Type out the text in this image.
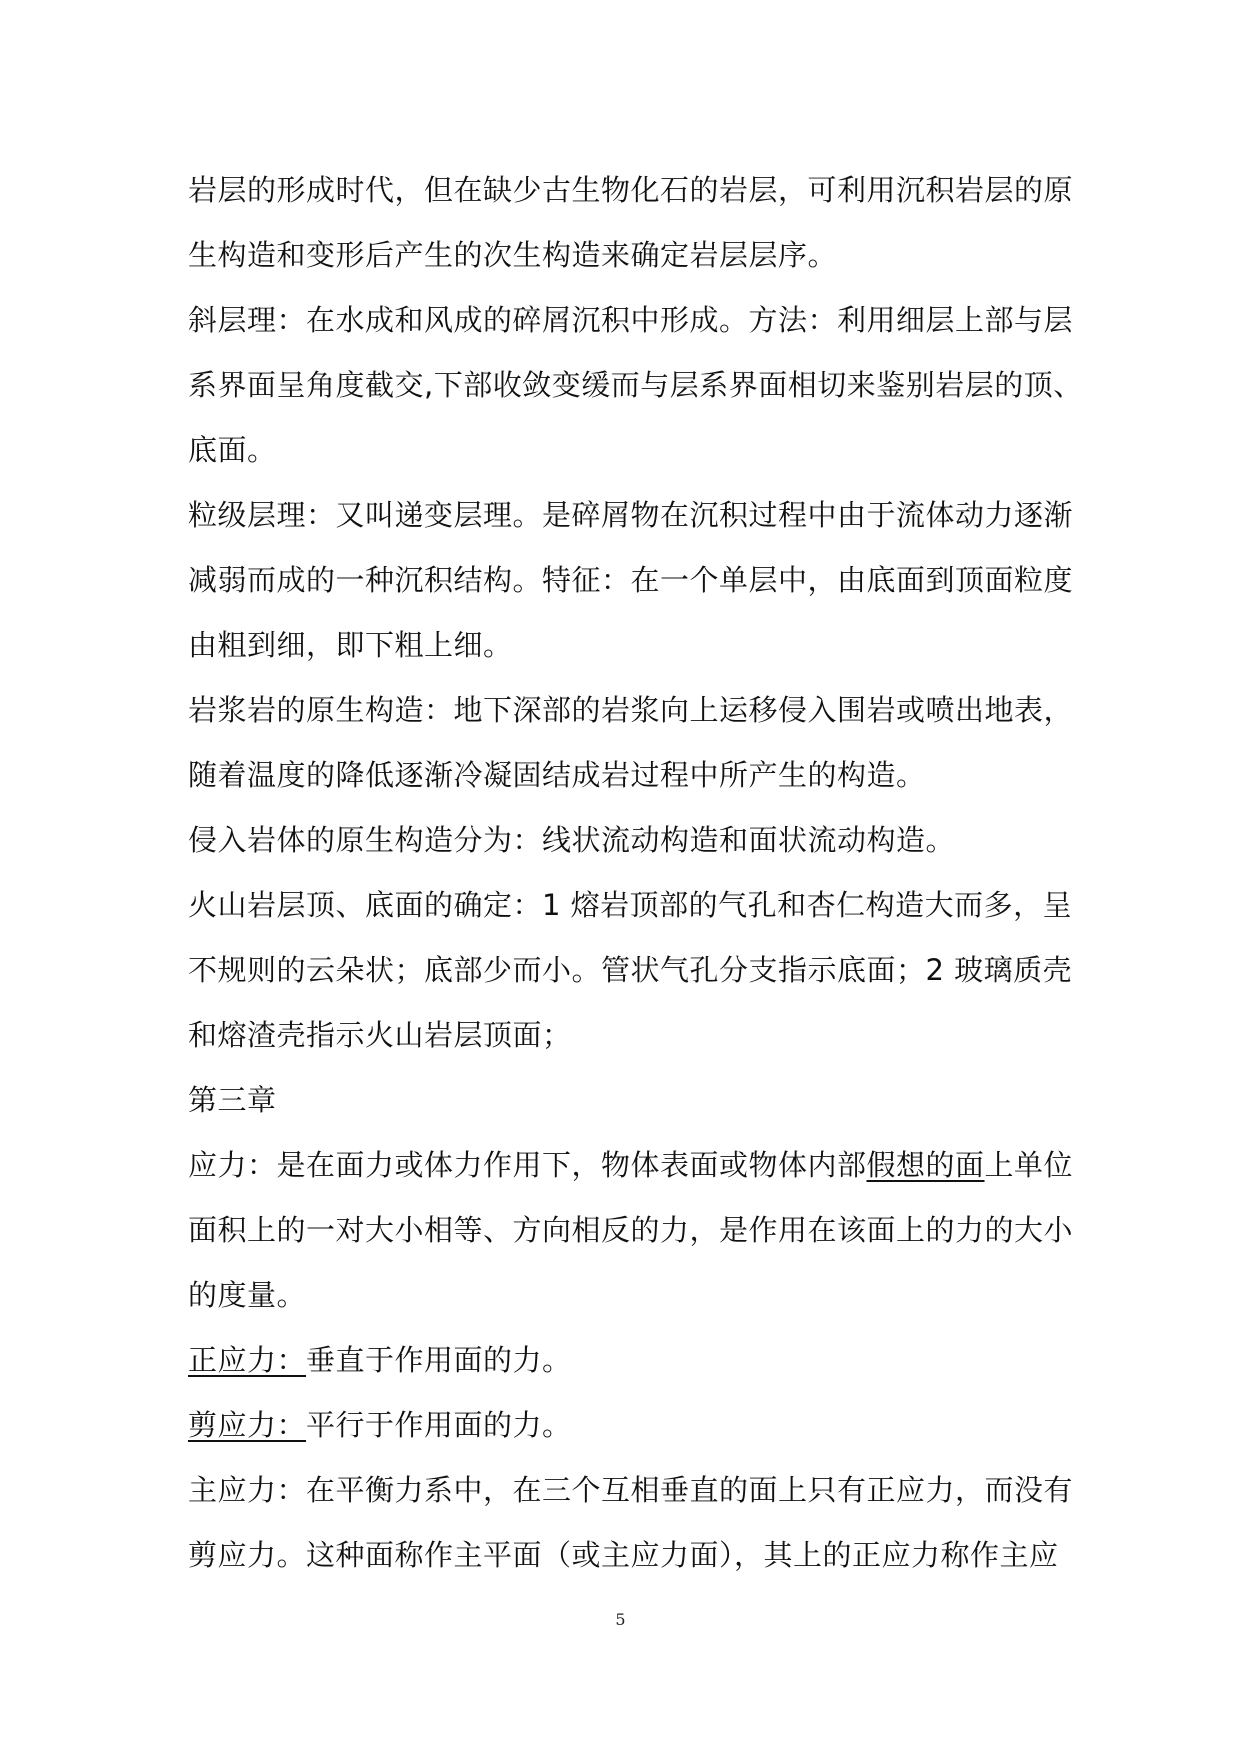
岩层的形成时代，但在缺少古生物化石的岩层，可利用沉积岩层的原
生构造和变形后产生的次生构造来确定岩层层序。
斜层理：在水成和风成的碎屑沉积中形成。方法：利用细层上部与层
系界面呈角度截交,下部收敛变缓而与层系界面相切来鉴别岩层的顶、
底面。
粒级层理：又叫递变层理。是碎屑物在沉积过程中由于流体动力逐渐
减弱而成的一种沉积结构。特征：在一个单层中，由底面到顶面粒度
由粗到细，即下粗上细。
岩浆岩的原生构造：地下深部的岩浆向上运移侵入围岩或喷出地表，
随着温度的降低逐渐冷凝固结成岩过程中所产生的构造。
侵入岩体的原生构造分为：线状流动构造和面状流动构造。
火山岩层顶、底面的确定：1 熔岩顶部的气孔和杏仁构造大而多，呈
不规则的云朵状；底部少而小。管状气孔分支指示底面；2 玻璃质壳
和熔渣壳指示火山岩层顶面；
第三章
应力：是在面力或体力作用下，物体表面或物体内部假想的面上单位
面积上的一对大小相等、方向相反的力，是作用在该面上的力的大小
的度量。
正应力：垂直于作用面的力。
剪应力：平行于作用面的力。
主应力：在平衡力系中，在三个互相垂直的面上只有正应力，而没有
剪应力。这种面称作主平面（或主应力面），其上的正应力称作主应
5
